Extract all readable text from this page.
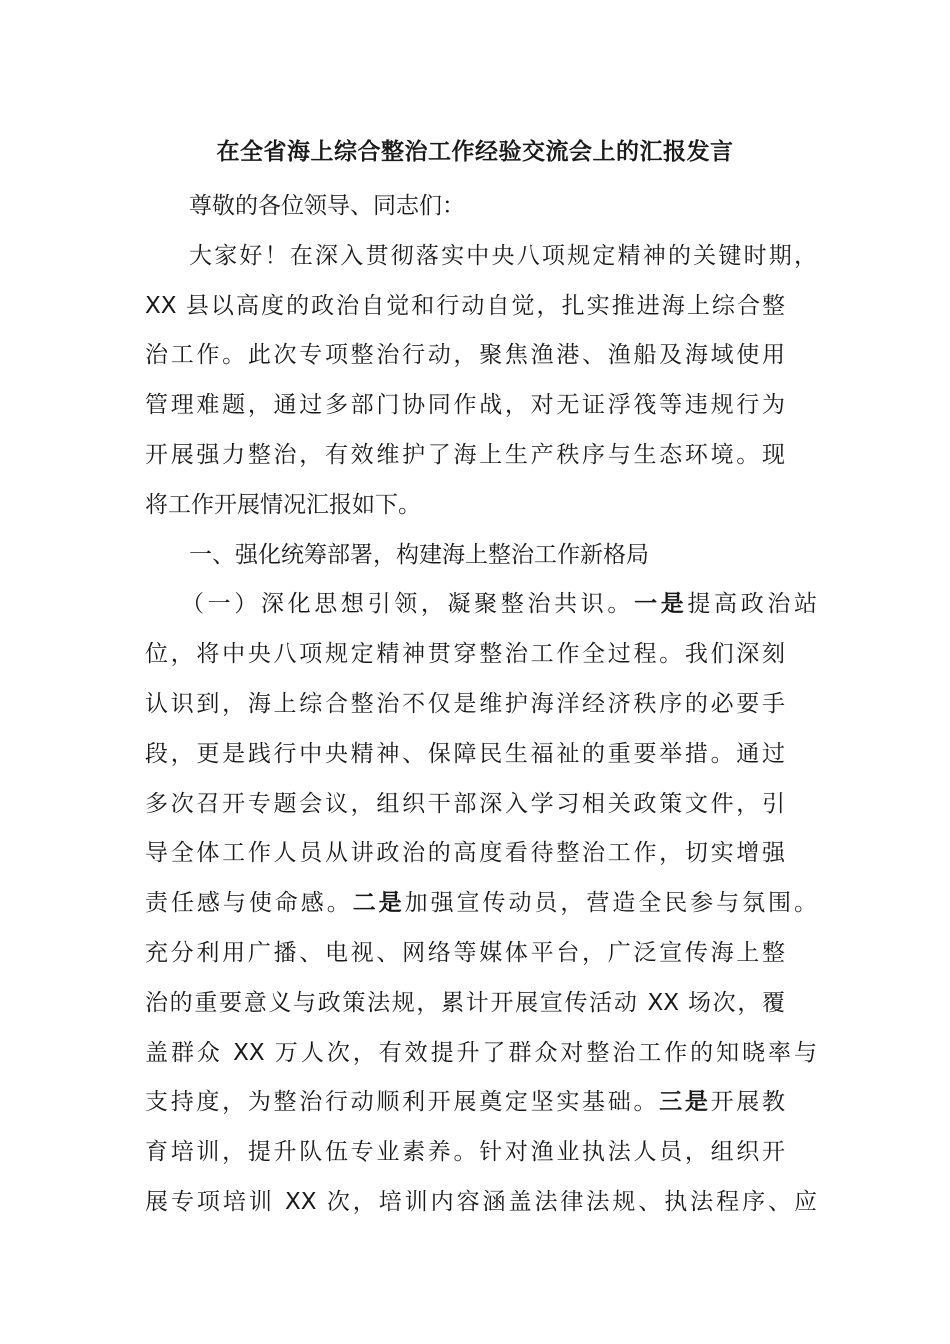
在全省海上综合整治工作经验交流会上的汇报发言
尊敬的各位领导、同志们：
大家好！在深入贯彻落实中央八项规定精神的关键时期，
XX 县以高度的政治自觉和行动自觉，扎实推进海上综合整
治工作。此次专项整治行动，聚焦渔港、渔船及海域使用
管理难题，通过多部门协同作战，对无证浮筏等违规行为
开展强力整治，有效维护了海上生产秩序与生态环境。现
将工作开展情况汇报如下。
一、强化统筹部署，构建海上整治工作新格局
（一）深化思想引领，凝聚整治共识。一是提高政治站
位，将中央八项规定精神贯穿整治工作全过程。我们深刻
认识到，海上综合整治不仅是维护海洋经济秩序的必要手
段，更是践行中央精神、保障民生福祉的重要举措。通过
多次召开专题会议，组织干部深入学习相关政策文件，引
导全体工作人员从讲政治的高度看待整治工作，切实增强
责任感与使命感。二是加强宣传动员，营造全民参与氛围。
充分利用广播、电视、网络等媒体平台，广泛宣传海上整
治的重要意义与政策法规，累计开展宣传活动 XX 场次，覆
盖群众 XX 万人次，有效提升了群众对整治工作的知晓率与
支持度，为整治行动顺利开展奠定坚实基础。三是开展教
育培训，提升队伍专业素养。针对渔业执法人员，组织开
展专项培训 XX 次，培训内容涵盖法律法规、执法程序、应
